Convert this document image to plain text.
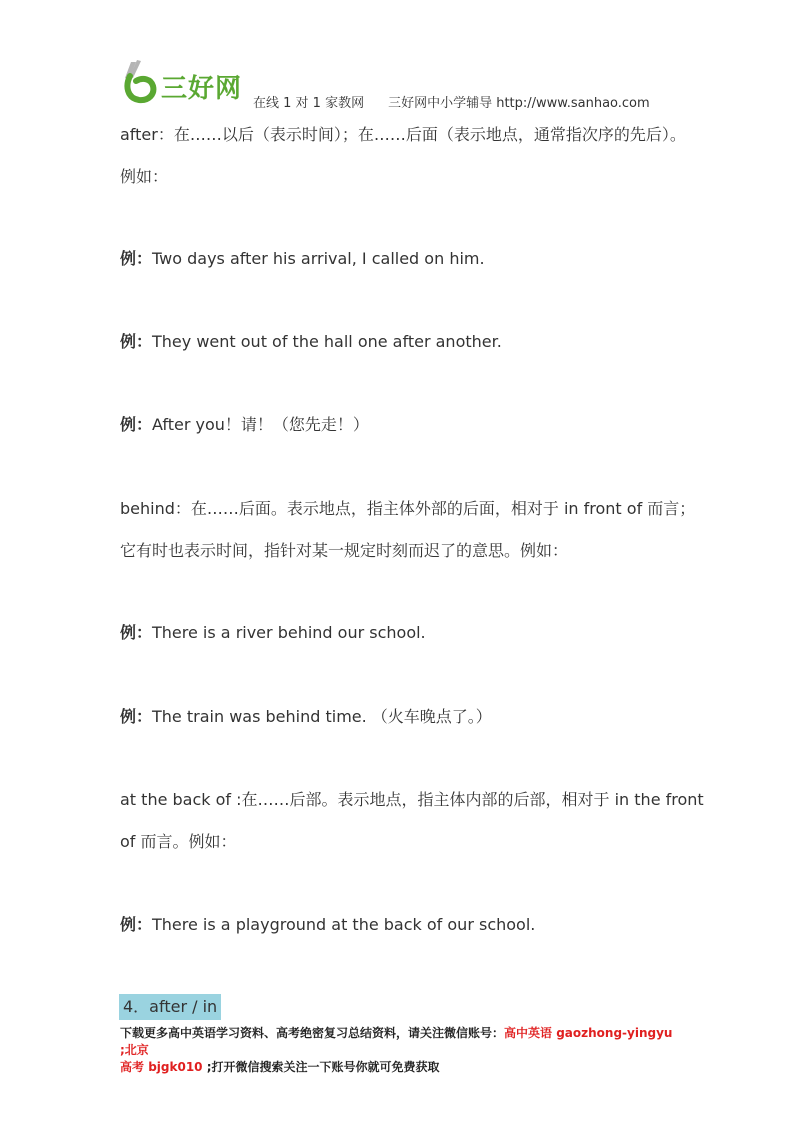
三好网 在线 1 对 1 家教网 三好网中小学辅导 http://www.sanhao.com
after：在……以后（表示时间）；在……后面（表示地点，通常指次序的先后）。
例如：
例：Two days after his arrival, I called on him.
例：They went out of the hall one after another.
例：After you！请！（您先走！）
behind：在……后面。表示地点，指主体外部的后面，相对于 in front of 而言；
它有时也表示时间，指针对某一规定时刻而迟了的意思。例如：
例：There is a river behind our school.
例：The train was behind time. （火车晚点了。）
at the back of :在……后部。表示地点，指主体内部的后部，相对于 in the front
of 而言。例如：
例：There is a playground at the back of our school.
4．after / in
下载更多高中英语学习资料、高考绝密复习总结资料，请关注微信账号：高中英语 gaozhong-yingyu ;北京
高考 bjgk010 ;打开微信搜索关注一下账号你就可免费获取
